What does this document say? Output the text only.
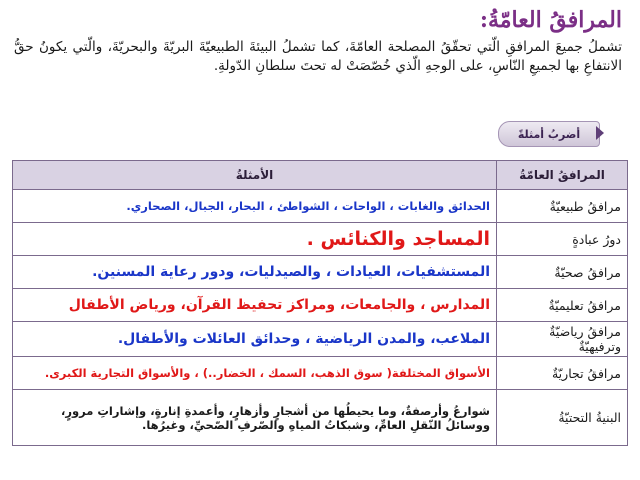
المرافقُ العامّةُ:
تشملُ جميعَ المرافقِ الّتي تحقّقُ المصلحة العامّةَ، كما تشملُ البيئةَ الطبيعيّةَ البريّةَ والبحريّةَ، والّتي يكونُ حقُّ الانتفاعِ بها لجميعِ النّاسِ، على الوجهِ الّذي خُصّصَتْ له تحتَ سلطانِ الدّولةِ.
أضربُ أمثلةً
المرافقُ العامّةُ	الأمثلةُ
مرافقُ طبيعيّةٌ	الحدائق والغابات ، الواحات ، الشواطئ ، البحار، الجبال، الصحاري.
دورُ عبادةٍ	المساجد والكنائس .
مرافقُ صحيّةٌ	المستشفيات، العيادات ، والصيدليات، ودور رعاية المسنين.
مرافقُ تعليميّةٌ	المدارس ، والجامعات، ومراكز تحفيظ القرآن، ورياض الأطفال
مرافقُ رياضيّةٌ وترفيهيّةٌ	الملاعب، والمدن الرياضية ، وحدائق العائلات والأطفال.
مرافقُ تجاريّةٌ	الأسواق المختلفة( سوق الذهب، السمك ، الخضار..) ، والأسواق التجارية الكبرى.
البنيةُ التحتيّةُ	شوارعُ وأرصفةٌ، وما يحيطُها من أشجارٍ وأزهارٍ، وأعمدةِ إنارةٍ، وإشاراتِ مرورٍ، ووسائلُ النّقلِ العامِّ، وشبكاتُ المياهِ والصّرفِ الصّحيِّ، وغيرُها.
